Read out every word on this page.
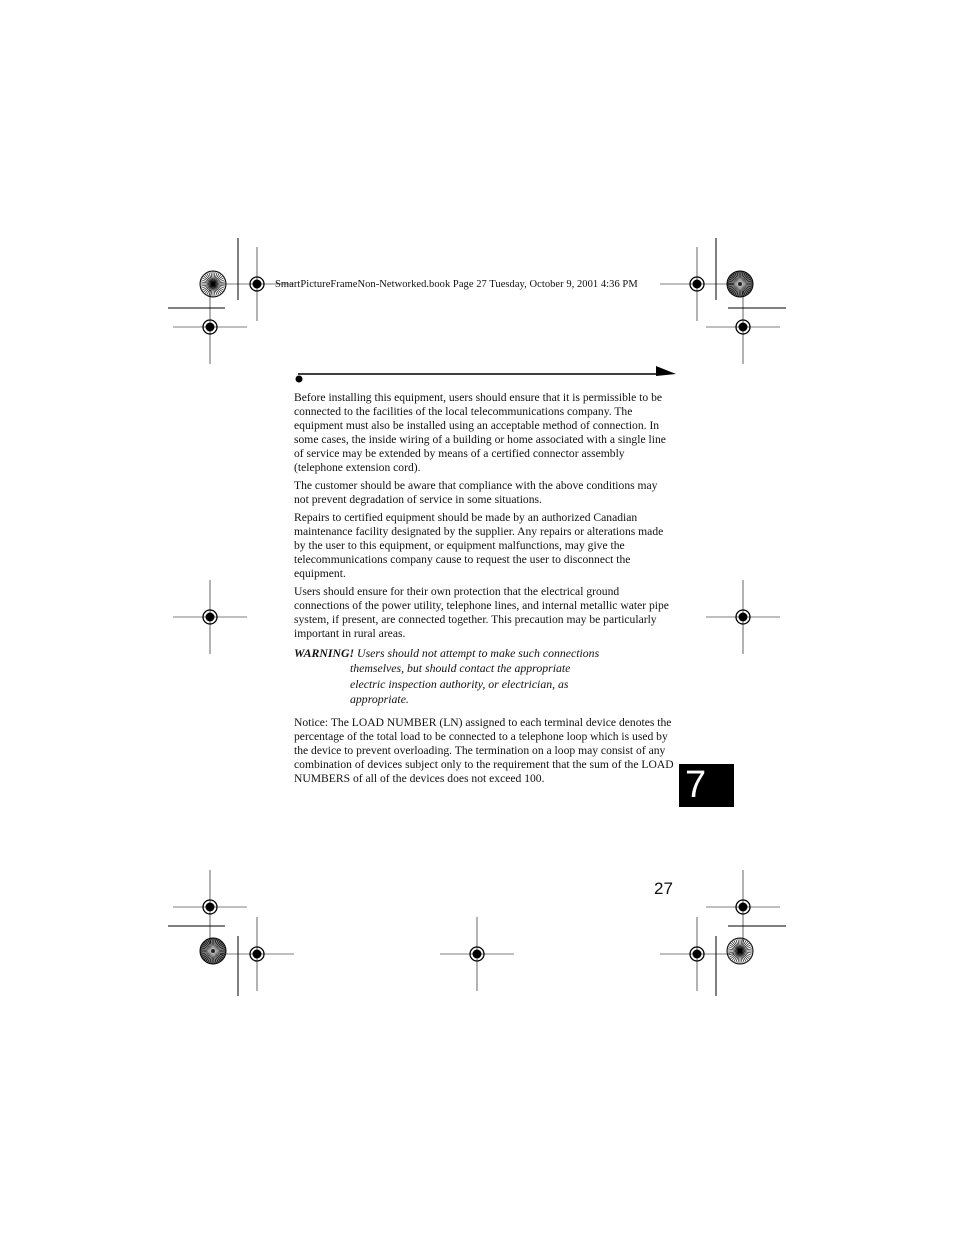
SmartPictureFrameNon-Networked.book Page 27 Tuesday, October 9, 2001 4:36 PM

Before installing this equipment, users should ensure that it is permissible to be connected to the facilities of the local telecommunications company. The equipment must also be installed using an acceptable method of connection. In some cases, the inside wiring of a building or home associated with a single line of service may be extended by means of a certified connector assembly (telephone extension cord).

The customer should be aware that compliance with the above conditions may not prevent degradation of service in some situations.

Repairs to certified equipment should be made by an authorized Canadian maintenance facility designated by the supplier. Any repairs or alterations made by the user to this equipment, or equipment malfunctions, may give the telecommunications company cause to request the user to disconnect the equipment.

Users should ensure for their own protection that the electrical ground connections of the power utility, telephone lines, and internal metallic water pipe system, if present, are connected together. This precaution may be particularly important in rural areas.

WARNING! Users should not attempt to make such connections
themselves, but should contact the appropriate
electric inspection authority, or electrician, as
appropriate.

Notice: The LOAD NUMBER (LN) assigned to each terminal device denotes the percentage of the total load to be connected to a telephone loop which is used by the device to prevent overloading. The termination on a loop may consist of any combination of devices subject only to the requirement that the sum of the LOAD NUMBERS of all of the devices does not exceed 100.	7
27
